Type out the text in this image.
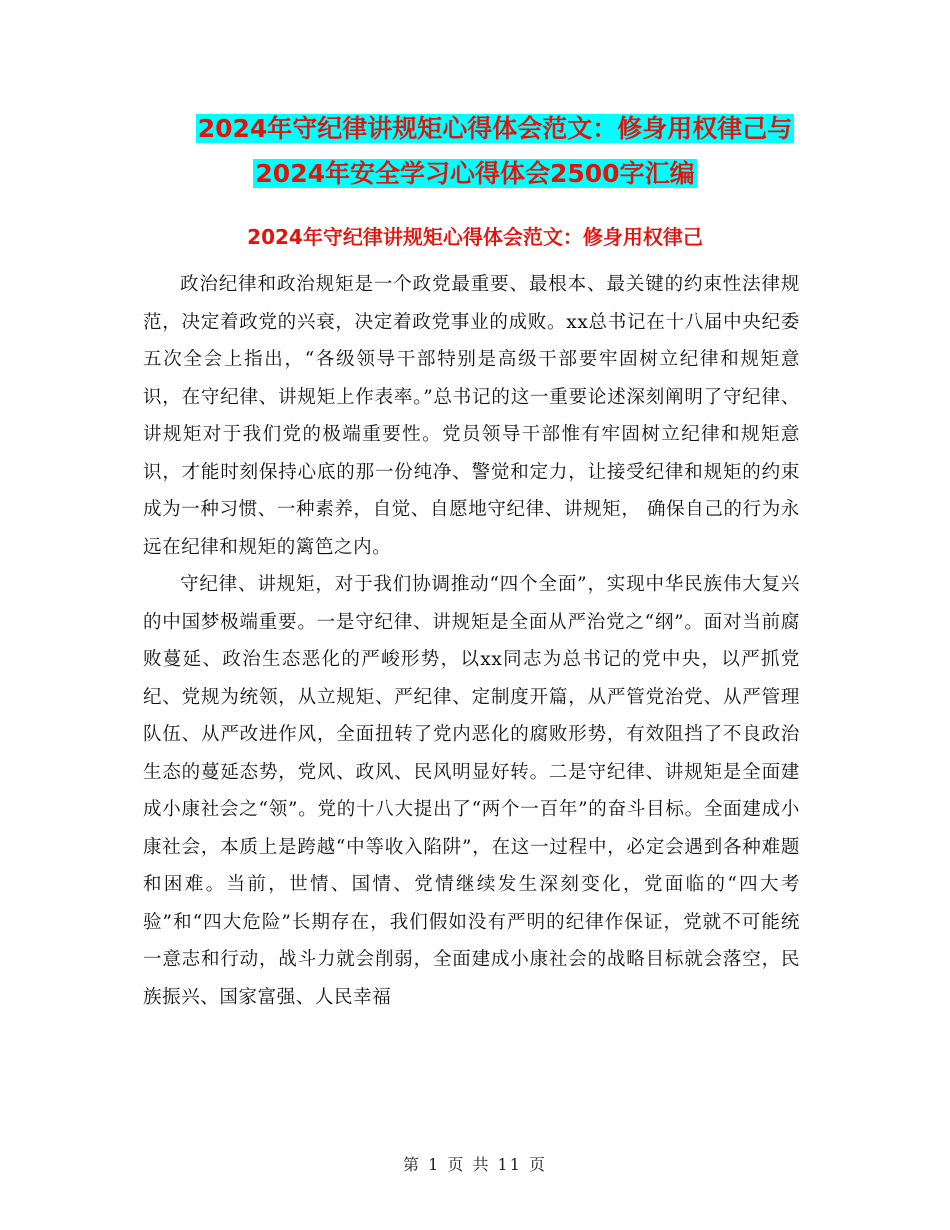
2024年守纪律讲规矩心得体会范文：修身用权律己与
2024年安全学习心得体会2500字汇编
2024年守纪律讲规矩心得体会范文：修身用权律己

政治纪律和政治规矩是一个政党最重要、最根本、最关键的约束性法律规范，决定着政党的兴衰，决定着政党事业的成败。xx总书记在十八届中央纪委五次全会上指出，“各级领导干部特别是高级干部要牢固树立纪律和规矩意识，在守纪律、讲规矩上作表率。”总书记的这一重要论述深刻阐明了守纪律、讲规矩对于我们党的极端重要性。党员领导干部惟有牢固树立纪律和规矩意识，才能时刻保持心底的那一份纯净、警觉和定力，让接受纪律和规矩的约束成为一种习惯、一种素养，自觉、自愿地守纪律、讲规矩， 确保自己的行为永远在纪律和规矩的篱笆之内。

守纪律、讲规矩，对于我们协调推动“四个全面”，实现中华民族伟大复兴的中国梦极端重要。一是守纪律、讲规矩是全面从严治党之“纲”。面对当前腐败蔓延、政治生态恶化的严峻形势，以xx同志为总书记的党中央，以严抓党纪、党规为统领，从立规矩、严纪律、定制度开篇，从严管党治党、从严管理队伍、从严改进作风，全面扭转了党内恶化的腐败形势，有效阻挡了不良政治生态的蔓延态势，党风、政风、民风明显好转。二是守纪律、讲规矩是全面建成小康社会之“领”。党的十八大提出了“两个一百年”的奋斗目标。全面建成小康社会，本质上是跨越“中等收入陷阱”，在这一过程中，必定会遇到各种难题和困难。当前，世情、国情、党情继续发生深刻变化，党面临的“四大考验”和“四大危险”长期存在，我们假如没有严明的纪律作保证，党就不可能统一意志和行动，战斗力就会削弱，全面建成小康社会的战略目标就会落空，民族振兴、国家富强、人民幸福

第 1 页 共 11 页
